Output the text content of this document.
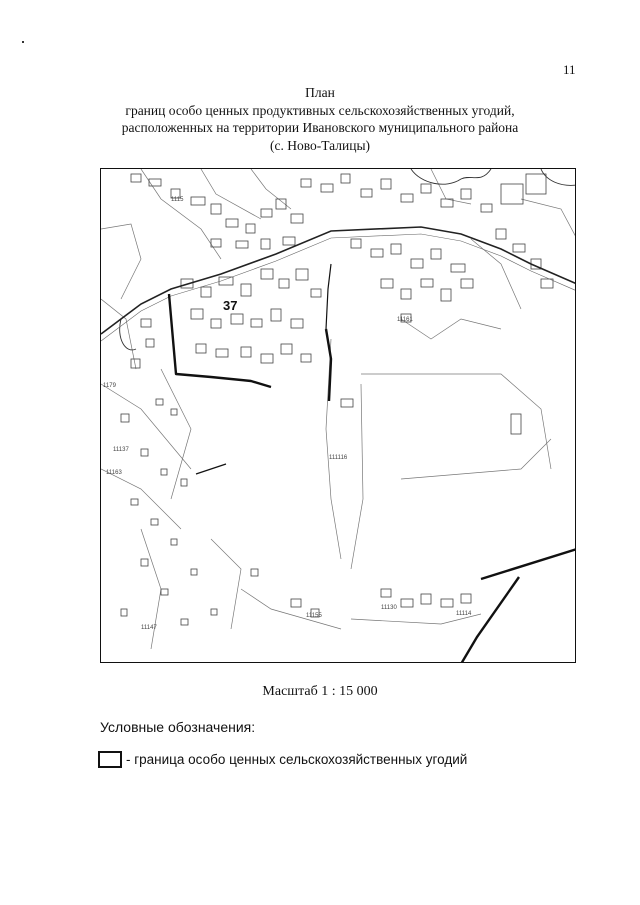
11
План
границ особо ценных продуктивных сельскохозяйственных угодий,
расположенных на территории Ивановского муниципального района
(с. Ново-Талицы)
37
1115
11161
1179
111116
11137
11147
11163
11155
11130
11114
Масштаб 1 : 15 000
Условные обозначения:
- граница особо ценных сельскохозяйственных угодий
